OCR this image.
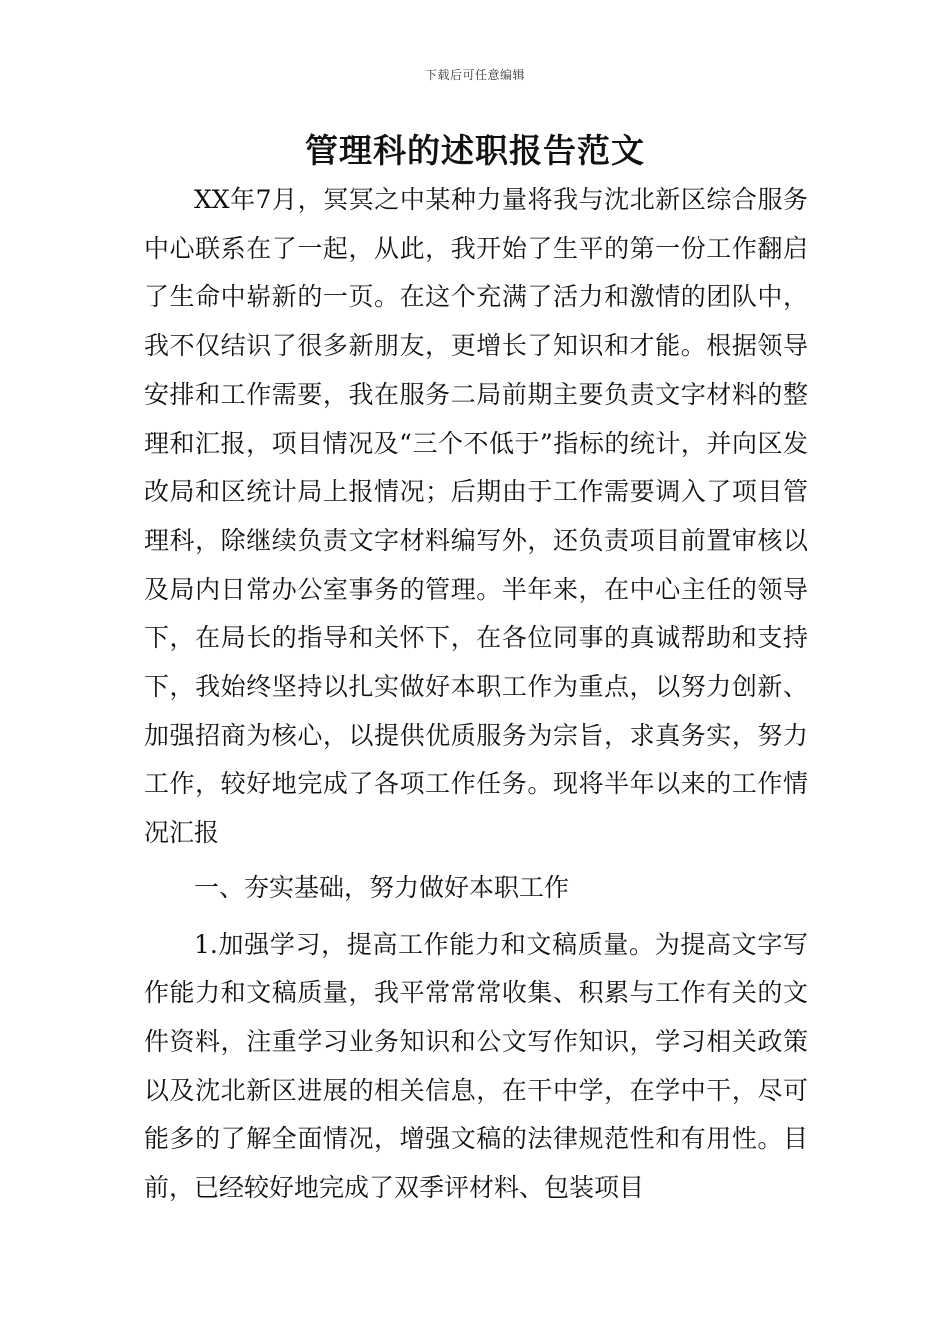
下载后可任意编辑
管理科的述职报告范文

XX年7月，冥冥之中某种力量将我与沈北新区综合服务中心联系在了一起，从此，我开始了生平的第一份工作翻启了生命中崭新的一页。在这个充满了活力和激情的团队中，我不仅结识了很多新朋友，更增长了知识和才能。根据领导安排和工作需要，我在服务二局前期主要负责文字材料的整理和汇报，项目情况及“三个不低于”指标的统计，并向区发改局和区统计局上报情况；后期由于工作需要调入了项目管理科，除继续负责文字材料编写外，还负责项目前置审核以及局内日常办公室事务的管理。半年来，在中心主任的领导下，在局长的指导和关怀下，在各位同事的真诚帮助和支持下，我始终坚持以扎实做好本职工作为重点，以努力创新、加强招商为核心，以提供优质服务为宗旨，求真务实，努力工作，较好地完成了各项工作任务。现将半年以来的工作情况汇报

一、夯实基础，努力做好本职工作

1.加强学习，提高工作能力和文稿质量。为提高文字写作能力和文稿质量，我平常常常收集、积累与工作有关的文件资料，注重学习业务知识和公文写作知识，学习相关政策以及沈北新区进展的相关信息，在干中学，在学中干，尽可能多的了解全面情况，增强文稿的法律规范性和有用性。目前，已经较好地完成了双季评材料、包装项目
